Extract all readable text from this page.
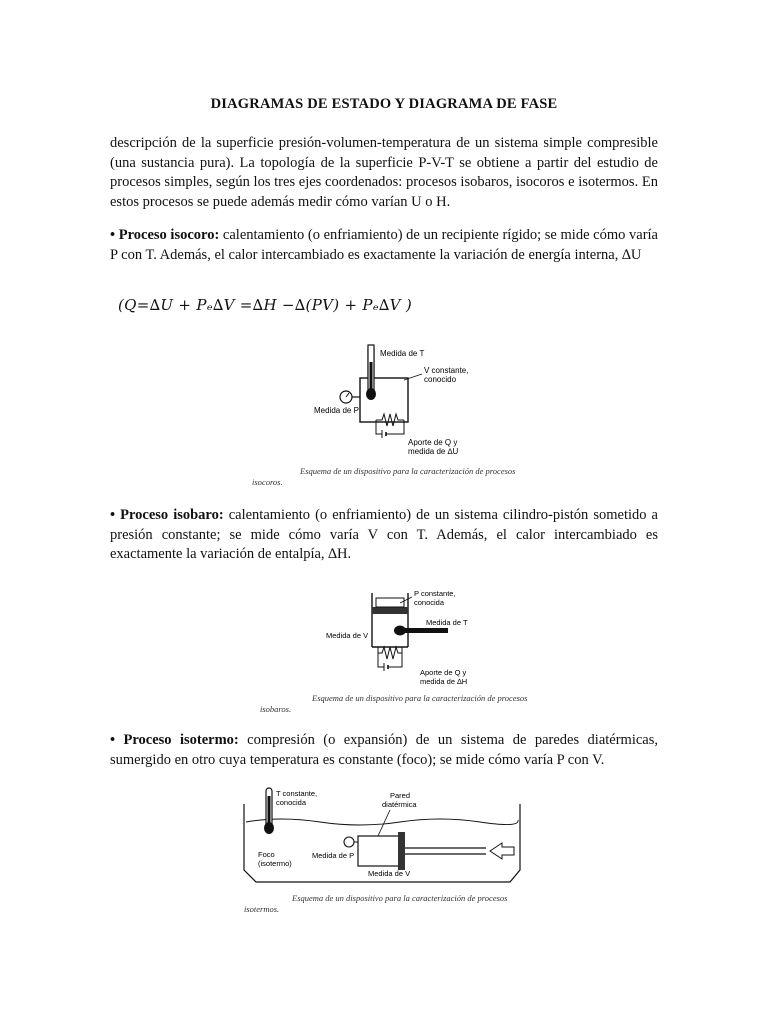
DIAGRAMAS DE ESTADO Y DIAGRAMA DE FASE
descripción de la superficie presión-volumen-temperatura de un sistema simple compresible (una sustancia pura). La topología de la superficie P-V-T se obtiene a partir del estudio de procesos simples, según los tres ejes coordenados: procesos isobaros, isocoros e isotermos. En estos procesos se puede además medir cómo varían U o H.
• Proceso isocoro: calentamiento (o enfriamiento) de un recipiente rígido; se mide cómo varía P con T. Además, el calor intercambiado es exactamente la variación de energía interna, ∆U
(Q=∆U + Pₑ∆V =∆H −∆(PV) + Pₑ∆V )
Medida de T
V constante,
conocido
Medida de P
Aporte de Q y
medida de ∆U
Esquema de un dispositivo para la caracterización de procesos
isocoros.
• Proceso isobaro: calentamiento (o enfriamiento) de un sistema cilindro-pistón sometido a presión constante; se mide cómo varía V con T. Además, el calor intercambiado es exactamente la variación de entalpía, ∆H.
P constante,
conocida
Medida de T
Medida de V
Aporte de Q y
medida de ∆H
Esquema de un dispositivo para la caracterización de procesos
isobaros.
• Proceso isotermo: compresión (o expansión) de un sistema de paredes diatérmicas, sumergido en otro cuya temperatura es constante (foco); se mide cómo varía P con V.
T constante,
conocida
Foco
(isotermo)
Medida de P
Medida de V
Pared
diatérmica
Esquema de un dispositivo para la caracterización de procesos
isotermos.
